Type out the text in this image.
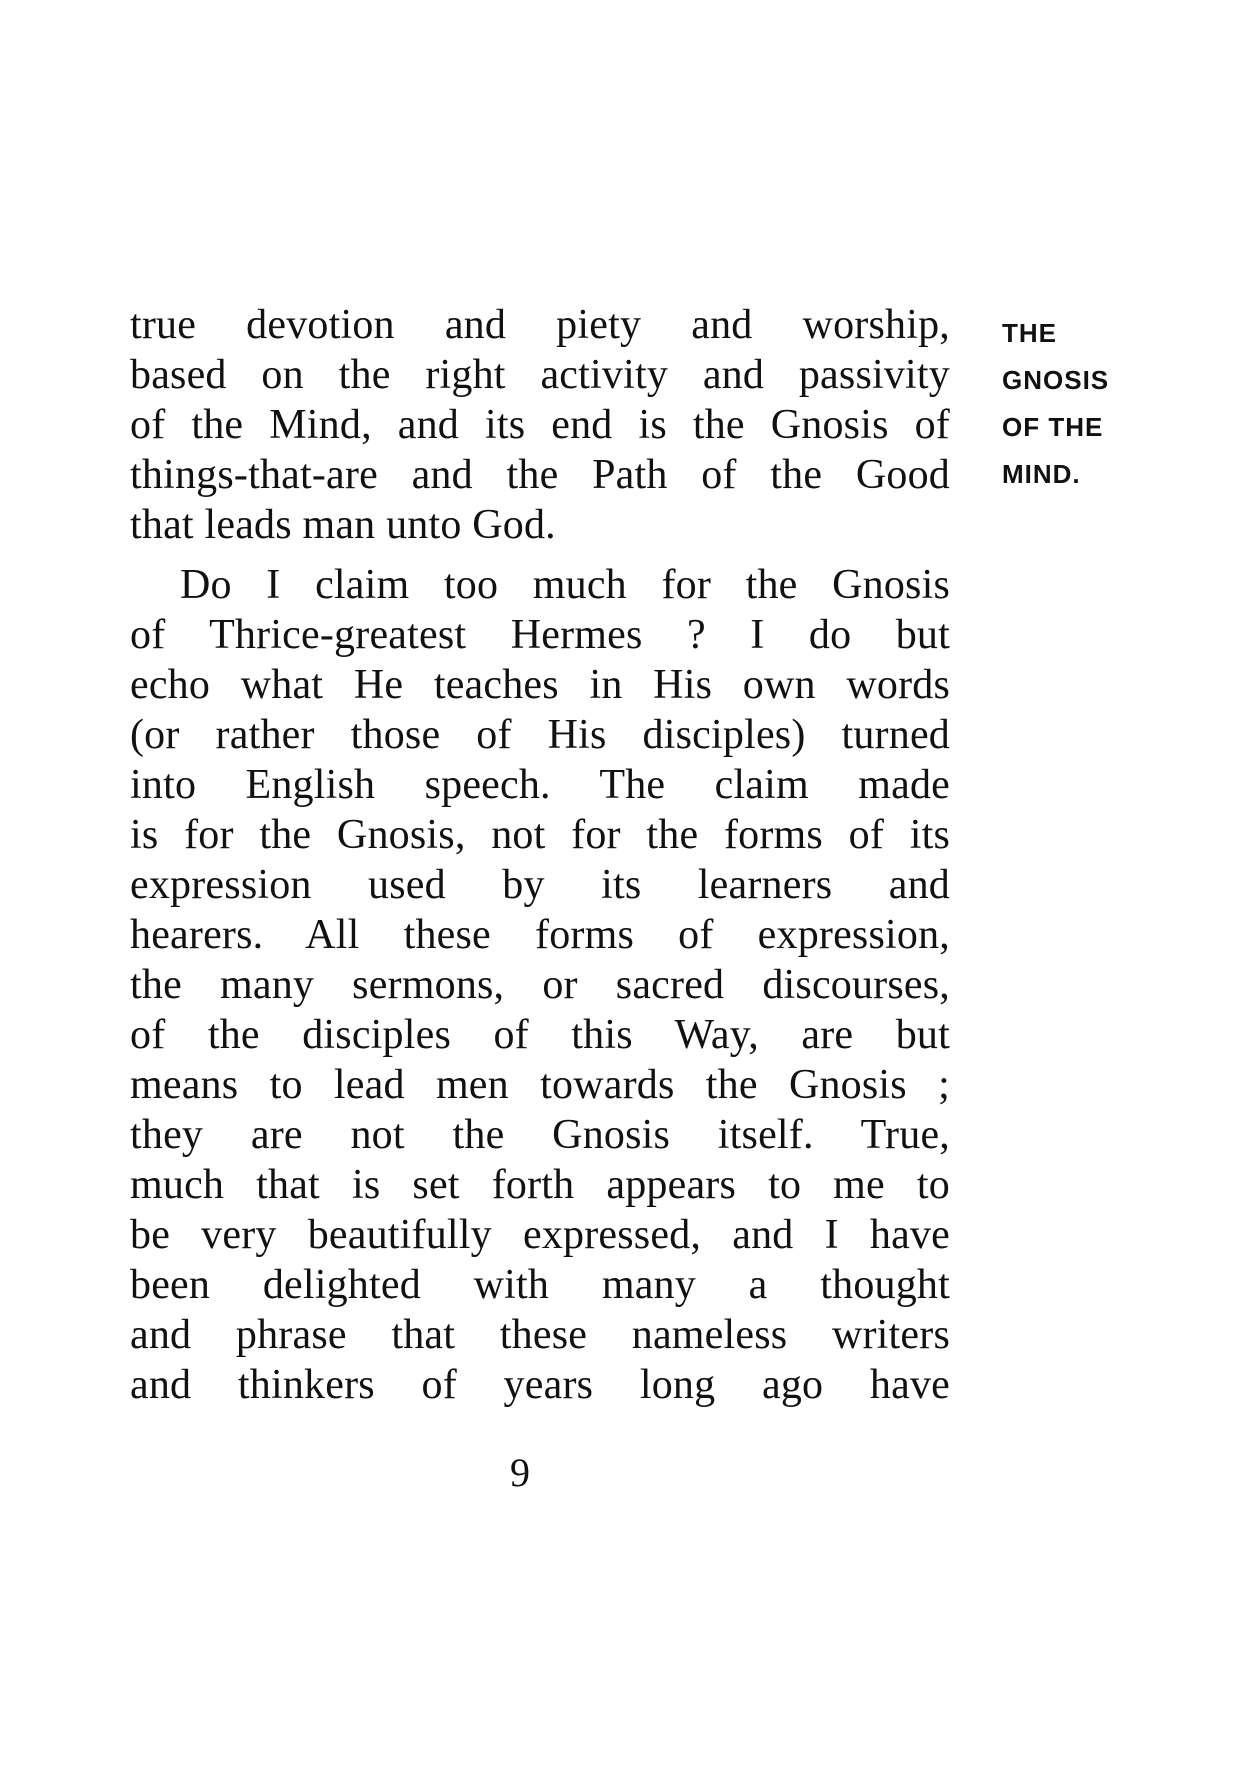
true devotion and piety and worship,
based on the right activity and passivity
of the Mind, and its end is the Gnosis of
things-that-are and the Path of the Good
that leads man unto God.
Do I claim too much for the Gnosis
of Thrice-greatest Hermes ? I do but
echo what He teaches in His own words
(or rather those of His disciples) turned
into English speech. The claim made
is for the Gnosis, not for the forms of its
expression used by its learners and
hearers. All these forms of expression,
the many sermons, or sacred discourses,
of the disciples of this Way, are but
means to lead men towards the Gnosis ;
they are not the Gnosis itself. True,
much that is set forth appears to me to
be very beautifully expressed, and I have
been delighted with many a thought
and phrase that these nameless writers
and thinkers of years long ago have
THE
GNOSIS
OF THE
MIND.
9
